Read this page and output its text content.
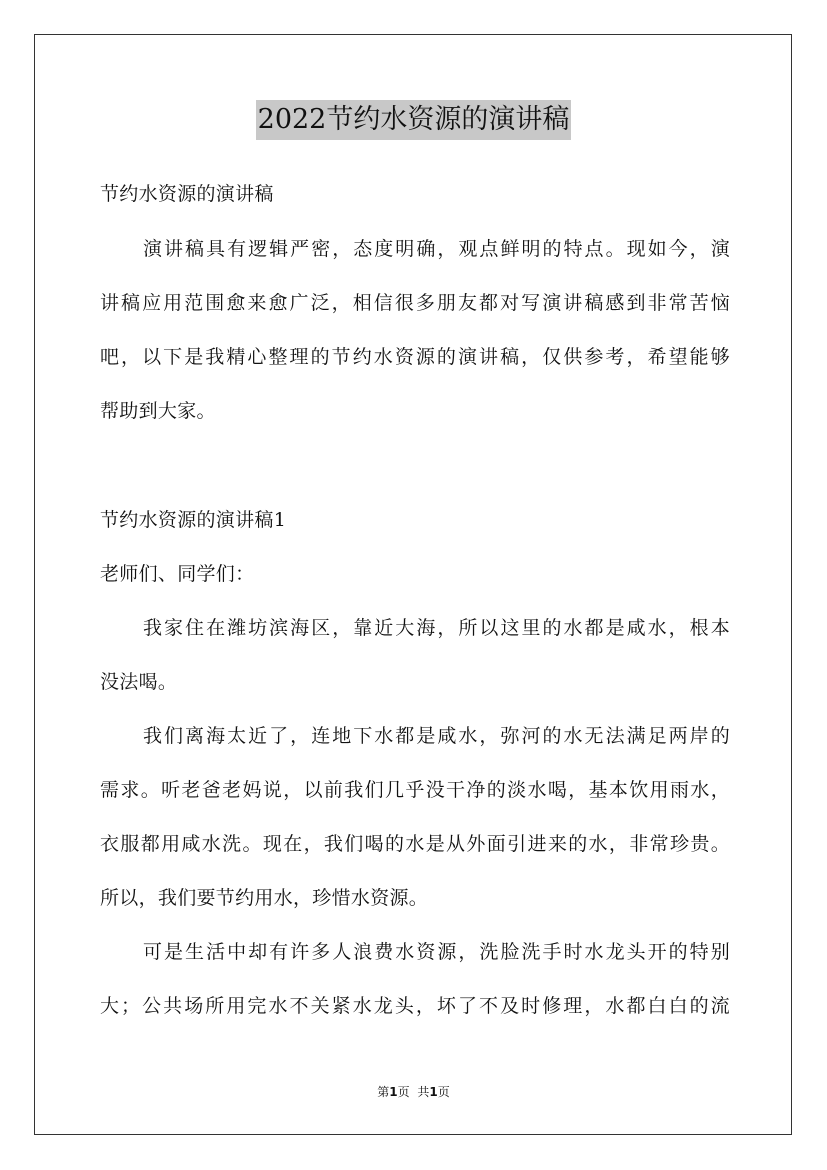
2022节约水资源的演讲稿
节约水资源的演讲稿
演讲稿具有逻辑严密，态度明确，观点鲜明的特点。现如今，演
讲稿应用范围愈来愈广泛，相信很多朋友都对写演讲稿感到非常苦恼
吧，以下是我精心整理的节约水资源的演讲稿，仅供参考，希望能够
帮助到大家。
节约水资源的演讲稿1
老师们、同学们：
我家住在潍坊滨海区，靠近大海，所以这里的水都是咸水，根本
没法喝。
我们离海太近了，连地下水都是咸水，弥河的水无法满足两岸的
需求。听老爸老妈说，以前我们几乎没干净的淡水喝，基本饮用雨水，
衣服都用咸水洗。现在，我们喝的水是从外面引进来的水，非常珍贵。
所以，我们要节约用水，珍惜水资源。
可是生活中却有许多人浪费水资源，洗脸洗手时水龙头开的特别
大；公共场所用完水不关紧水龙头，坏了不及时修理，水都白白的流
第1页 共1页
